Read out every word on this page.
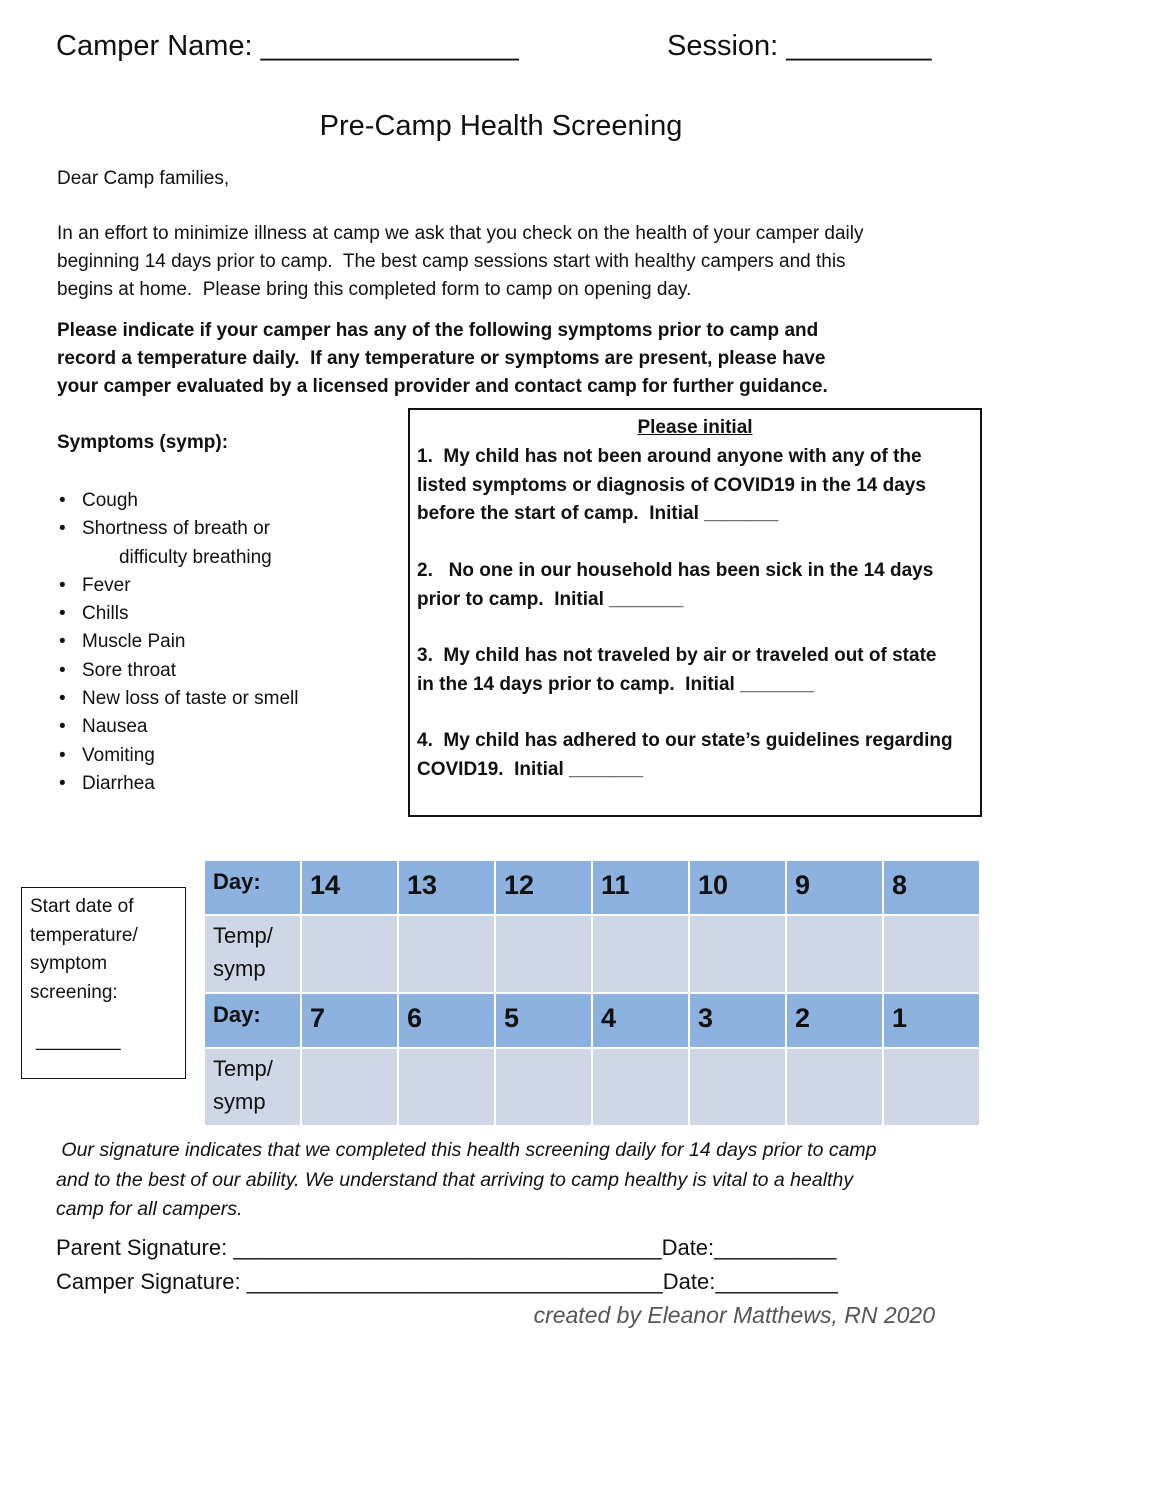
Camper Name: ________________	Session: _________
Pre-Camp Health Screening
Dear Camp families,
In an effort to minimize illness at camp we ask that you check on the health of your camper daily
beginning 14 days prior to camp.  The best camp sessions start with healthy campers and this
begins at home.  Please bring this completed form to camp on opening day.
Please indicate if your camper has any of the following symptoms prior to camp and
record a temperature daily.  If any temperature or symptoms are present, please have
your camper evaluated by a licensed provider and contact camp for further guidance.
Symptoms (symp):
• Cough
• Shortness of breath or
difficulty breathing
• Fever
• Chills
• Muscle Pain
• Sore throat
• New loss of taste or smell
• Nausea
• Vomiting
• Diarrhea
Please initial
1.  My child has not been around anyone with any of the
listed symptoms or diagnosis of COVID19 in the 14 days
before the start of camp.  Initial _______
2.   No one in our household has been sick in the 14 days
prior to camp.  Initial _______
3.  My child has not traveled by air or traveled out of state
in the 14 days prior to camp.  Initial _______
4.  My child has adhered to our state’s guidelines regarding
COVID19.  Initial _______
Start date of
temperature/
symptom
screening:
________
Day:	14	13	12	11	10	9	8
Temp/
symp							
Day:	7	6	5	4	3	2	1
Temp/
symp							
Our signature indicates that we completed this health screening daily for 14 days prior to camp
and to the best of our ability. We understand that arriving to camp healthy is vital to a healthy
camp for all campers.
Parent Signature: ___________________________________Date:__________
Camper Signature: __________________________________Date:__________
created by Eleanor Matthews, RN 2020
